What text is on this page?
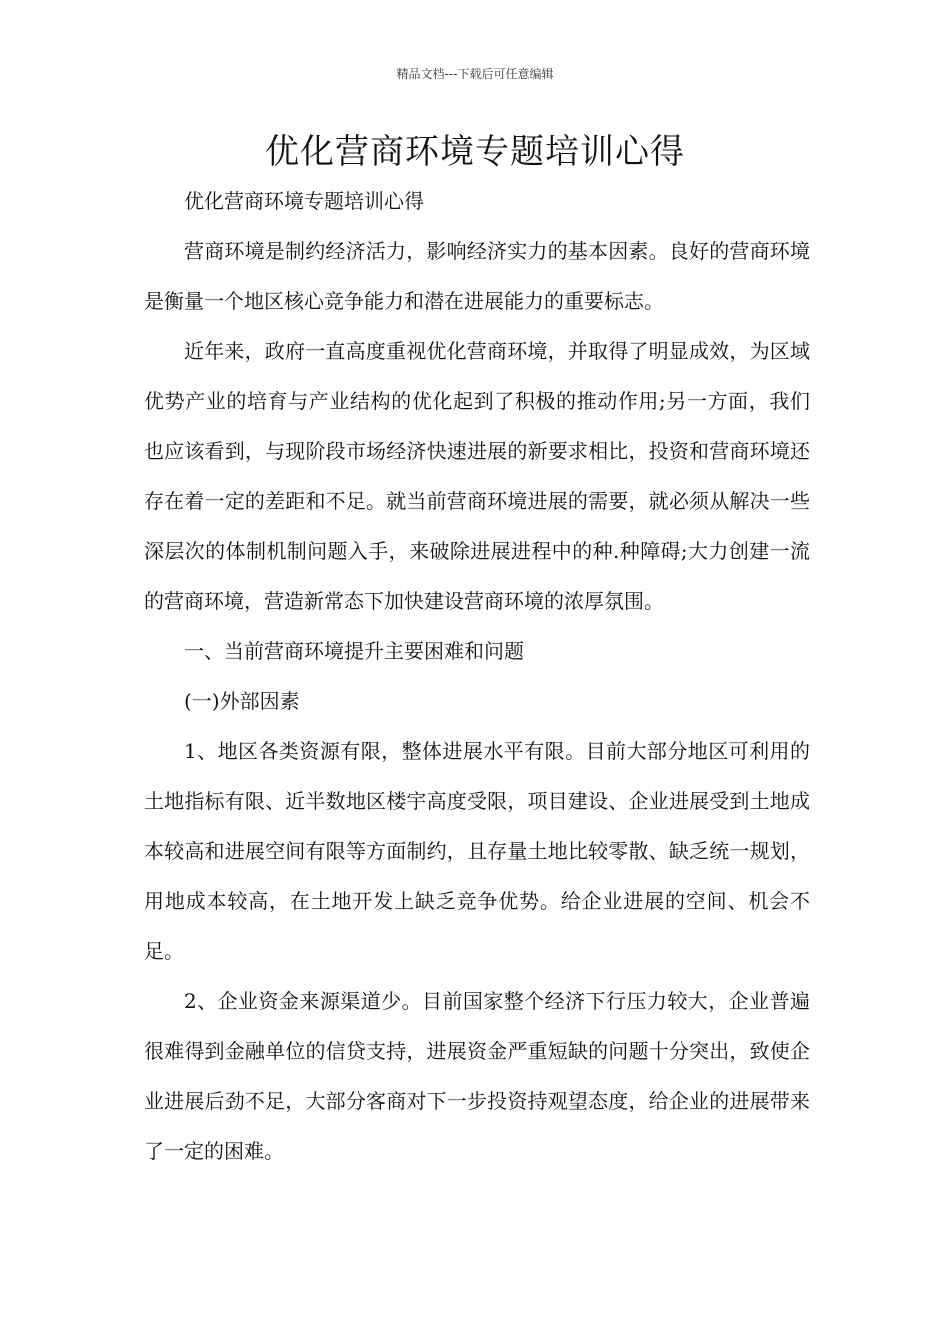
精品文档---下载后可任意编辑
优化营商环境专题培训心得

优化营商环境专题培训心得

营商环境是制约经济活力，影响经济实力的基本因素。良好的营商环境是衡量一个地区核心竞争能力和潜在进展能力的重要标志。

近年来，政府一直高度重视优化营商环境，并取得了明显成效，为区域优势产业的培育与产业结构的优化起到了积极的推动作用;另一方面，我们也应该看到，与现阶段市场经济快速进展的新要求相比，投资和营商环境还存在着一定的差距和不足。就当前营商环境进展的需要，就必须从解决一些深层次的体制机制问题入手，来破除进展进程中的种.种障碍;大力创建一流的营商环境，营造新常态下加快建设营商环境的浓厚氛围。

一、当前营商环境提升主要困难和问题

(一)外部因素

1、地区各类资源有限，整体进展水平有限。目前大部分地区可利用的土地指标有限、近半数地区楼宇高度受限，项目建设、企业进展受到土地成本较高和进展空间有限等方面制约，且存量土地比较零散、缺乏统一规划，用地成本较高，在土地开发上缺乏竞争优势。给企业进展的空间、机会不足。

2、企业资金来源渠道少。目前国家整个经济下行压力较大，企业普遍很难得到金融单位的信贷支持，进展资金严重短缺的问题十分突出，致使企业进展后劲不足，大部分客商对下一步投资持观望态度，给企业的进展带来了一定的困难。
